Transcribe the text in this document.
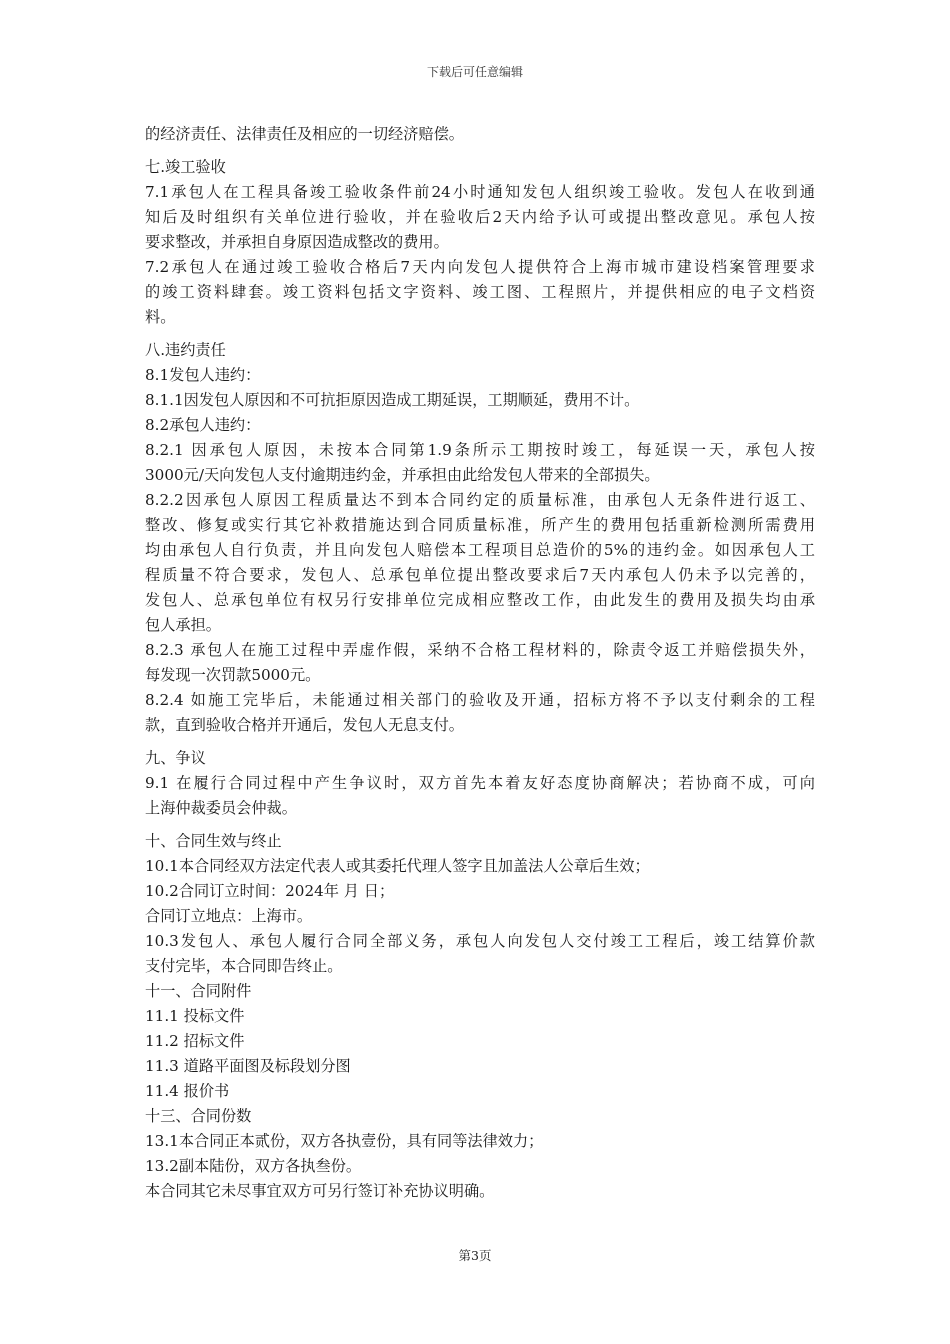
下载后可任意编辑
的经济责任、法律责任及相应的一切经济赔偿。
七.竣工验收
7.1承包人在工程具备竣工验收条件前24小时通知发包人组织竣工验收。发包人在收到通
知后及时组织有关单位进行验收，并在验收后2天内给予认可或提出整改意见。承包人按
要求整改，并承担自身原因造成整改的费用。
7.2承包人在通过竣工验收合格后7天内向发包人提供符合上海市城市建设档案管理要求
的竣工资料肆套。竣工资料包括文字资料、竣工图、工程照片，并提供相应的电子文档资
料。
八.违约责任
8.1发包人违约：
8.1.1因发包人原因和不可抗拒原因造成工期延误，工期顺延，费用不计。
8.2承包人违约：
8.2.1 因承包人原因，未按本合同第1.9条所示工期按时竣工，每延误一天，承包人按
3000元/天向发包人支付逾期违约金，并承担由此给发包人带来的全部损失。
8.2.2因承包人原因工程质量达不到本合同约定的质量标准，由承包人无条件进行返工、
整改、修复或实行其它补救措施达到合同质量标准，所产生的费用包括重新检测所需费用
均由承包人自行负责，并且向发包人赔偿本工程项目总造价的5%的违约金。如因承包人工
程质量不符合要求，发包人、总承包单位提出整改要求后7天内承包人仍未予以完善的，
发包人、总承包单位有权另行安排单位完成相应整改工作，由此发生的费用及损失均由承
包人承担。
8.2.3 承包人在施工过程中弄虚作假，采纳不合格工程材料的，除责令返工并赔偿损失外，
每发现一次罚款5000元。
8.2.4 如施工完毕后，未能通过相关部门的验收及开通，招标方将不予以支付剩余的工程
款，直到验收合格并开通后，发包人无息支付。
九、争议
9.1 在履行合同过程中产生争议时，双方首先本着友好态度协商解决；若协商不成，可向
上海仲裁委员会仲裁。
十、合同生效与终止
10.1本合同经双方法定代表人或其委托代理人签字且加盖法人公章后生效；
10.2合同订立时间：2024年 月 日；
合同订立地点：上海市。
10.3发包人、承包人履行合同全部义务，承包人向发包人交付竣工工程后，竣工结算价款
支付完毕，本合同即告终止。
十一、合同附件
11.1 投标文件
11.2 招标文件
11.3 道路平面图及标段划分图
11.4 报价书
十三、合同份数
13.1本合同正本贰份，双方各执壹份，具有同等法律效力；
13.2副本陆份，双方各执叁份。
本合同其它未尽事宜双方可另行签订补充协议明确。
第3页
